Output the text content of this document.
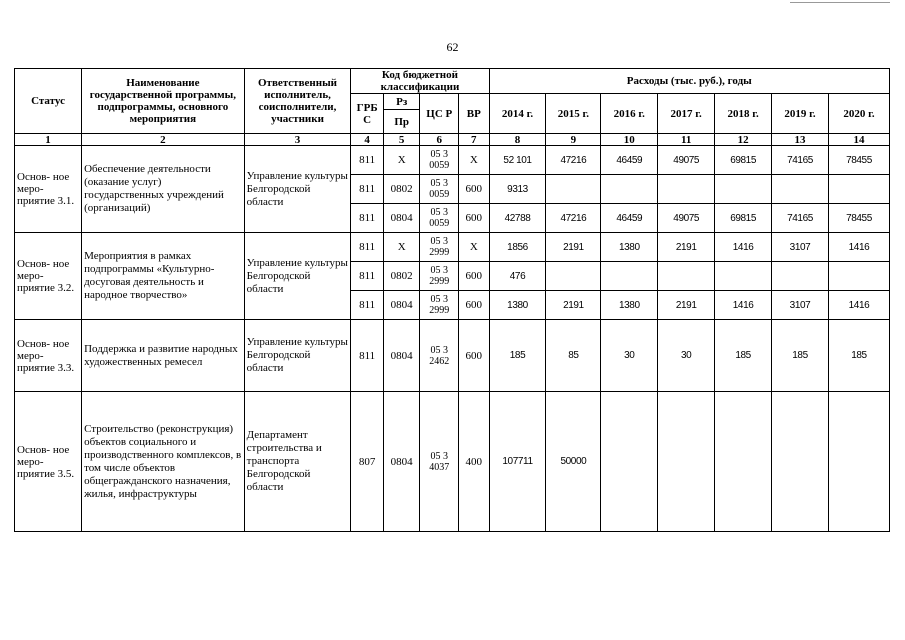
62
Статус	Наименование государственной программы, подпрограммы, основного мероприятия	Ответственный исполнитель, соисполнители, участники	Код бюджетной классификации				Расходы (тыс. руб.), годы						
			ГРБ С	Рз	ЦС Р	ВР	2014 г.	2015 г.	2016 г.	2017 г.	2018 г.	2019 г.	2020 г.
				Пр									
1	2	3	4	5	6	7	8	9	10	11	12	13	14
Основ- ное меро- приятие 3.1.	Обеспечение деятельности (оказание услуг) государственных учреждений (организаций)	Управление культуры Белгородской области	811	Х	05 3 0059	Х	52 101	47216	46459	49075	69815	74165	78455
			811	0802	05 3 0059	600	9313						
			811	0804	05 3 0059	600	42788	47216	46459	49075	69815	74165	78455
Основ- ное меро- приятие 3.2.	Мероприятия в рамках подпрограммы «Культурно-досуговая деятельность и народное творчество»	Управление культуры Белгородской области	811	Х	05 3 2999	Х	1856	2191	1380	2191	1416	3107	1416
			811	0802	05 3 2999	600	476						
			811	0804	05 3 2999	600	1380	2191	1380	2191	1416	3107	1416
Основ- ное меро- приятие 3.3.	Поддержка и развитие народных художественных ремесел	Управление культуры Белгородской области	811	0804	05 3 2462	600	185	85	30	30	185	185	185
Основ- ное меро- приятие 3.5.	Строительство (реконструкция) объектов социального и производственного комплексов, в том числе объектов общегражданского назначения, жилья, инфраструктуры	Департамент строительства и транспорта Белгородской области	807	0804	05 3 4037	400	107711	50000					
